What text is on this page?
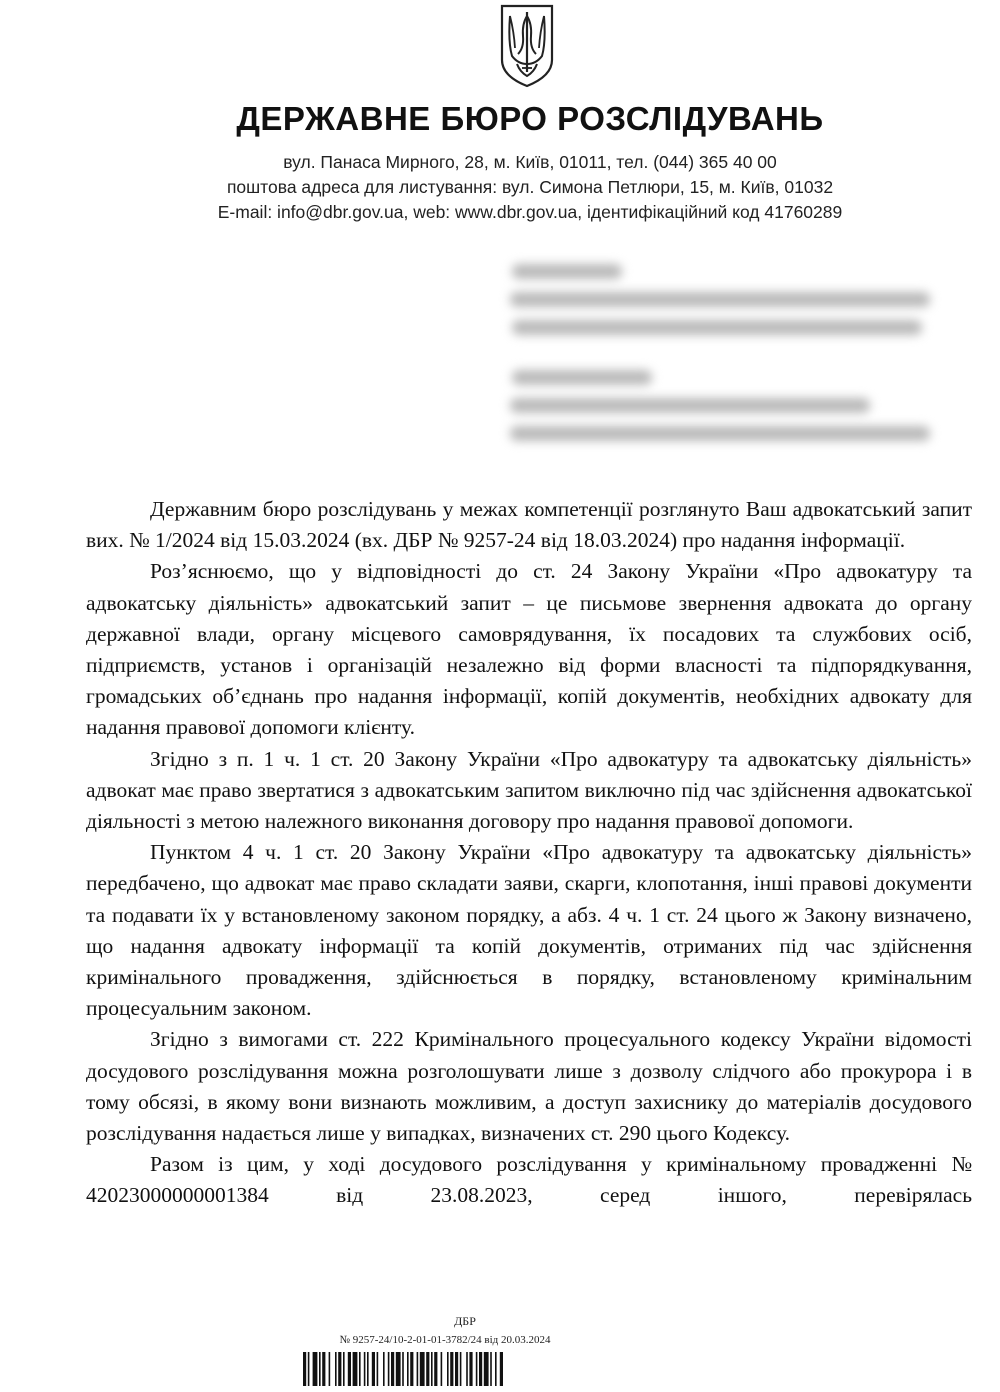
ДЕРЖАВНЕ БЮРО РОЗСЛІДУВАНЬ
вул. Панаса Мирного, 28, м. Київ, 01011, тел. (044) 365 40 00
поштова адреса для листування: вул. Симона Петлюри, 15, м. Київ, 01032
E-mail: info@dbr.gov.ua, web: www.dbr.gov.ua, ідентифікаційний код 41760289

Державним бюро розслідувань у межах компетенції розглянуто Ваш адвокатський запит вих. № 1/2024 від 15.03.2024 (вх. ДБР № 9257-24 від 18.03.2024) про надання інформації.

Роз’яснюємо, що у відповідності до ст. 24 Закону України «Про адвокатуру та адвокатську діяльність» адвокатський запит – це письмове звернення адвоката до органу державної влади, органу місцевого самоврядування, їх посадових та службових осіб, підприємств, установ і організацій незалежно від форми власності та підпорядкування, громадських об’єднань про надання інформації, копій документів, необхідних адвокату для надання правової допомоги клієнту.

Згідно з п. 1 ч. 1 ст. 20 Закону України «Про адвокатуру та адвокатську діяльність» адвокат має право звертатися з адвокатським запитом виключно під час здійснення адвокатської діяльності з метою належного виконання договору про надання правової допомоги.

Пунктом 4 ч. 1 ст. 20 Закону України «Про адвокатуру та адвокатську діяльність» передбачено, що адвокат має право складати заяви, скарги, клопотання, інші правові документи та подавати їх у встановленому законом порядку, а абз. 4 ч. 1 ст. 24 цього ж Закону визначено, що надання адвокату інформації та копій документів, отриманих під час здійснення кримінального провадження, здійснюється в порядку, встановленому кримінальним процесуальним законом.

Згідно з вимогами ст. 222 Кримінального процесуального кодексу України відомості досудового розслідування можна розголошувати лише з дозволу слідчого або прокурора і в тому обсязі, в якому вони визнають можливим, а доступ захиснику до матеріалів досудового розслідування надається лише у випадках, визначених ст. 290 цього Кодексу.

Разом із цим, у ході досудового розслідування у кримінальному провадженні № 42023000000001384 від 23.08.2023, серед іншого, перевірялась

ДБР
№ 9257-24/10-2-01-01-3782/24 від 20.03.2024
